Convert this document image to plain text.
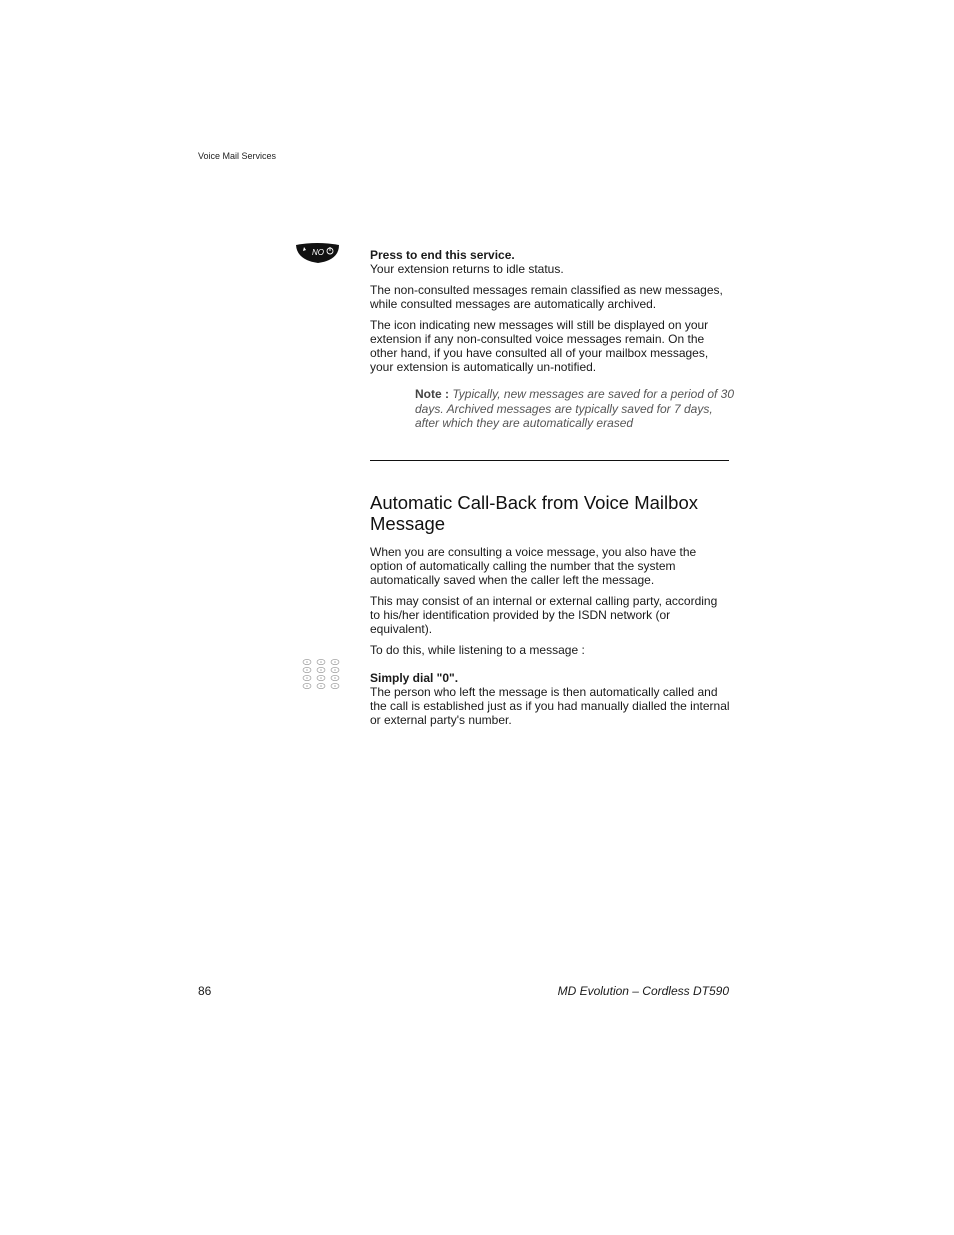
Voice Mail Services
NO	Press to end this service.

Your extension returns to idle status.

The non-consulted messages remain classified as new messages, while consulted messages are automatically archived.
The icon indicating new messages will still be displayed on your extension if any non-consulted voice messages remain. On the other hand, if you have consulted all of your mailbox messages, your extension is automatically un-notified.
Note : Typically, new messages are saved for a period of 30 days. Archived messages are typically saved for 7 days, after which they are automatically erased
Automatic Call-Back from Voice Mailbox Message
When you are consulting a voice message, you also have the option of automatically calling the number that the system automatically saved when the caller left the message.
This may consist of an internal or external calling party, according to his/her identification provided by the ISDN network (or equivalent).
To do this, while listening to a message :

Simply dial "0".

The person who left the message is then automatically called and the call is established just as if you had manually dialled the internal or external party's number.

86	MD Evolution – Cordless DT590
